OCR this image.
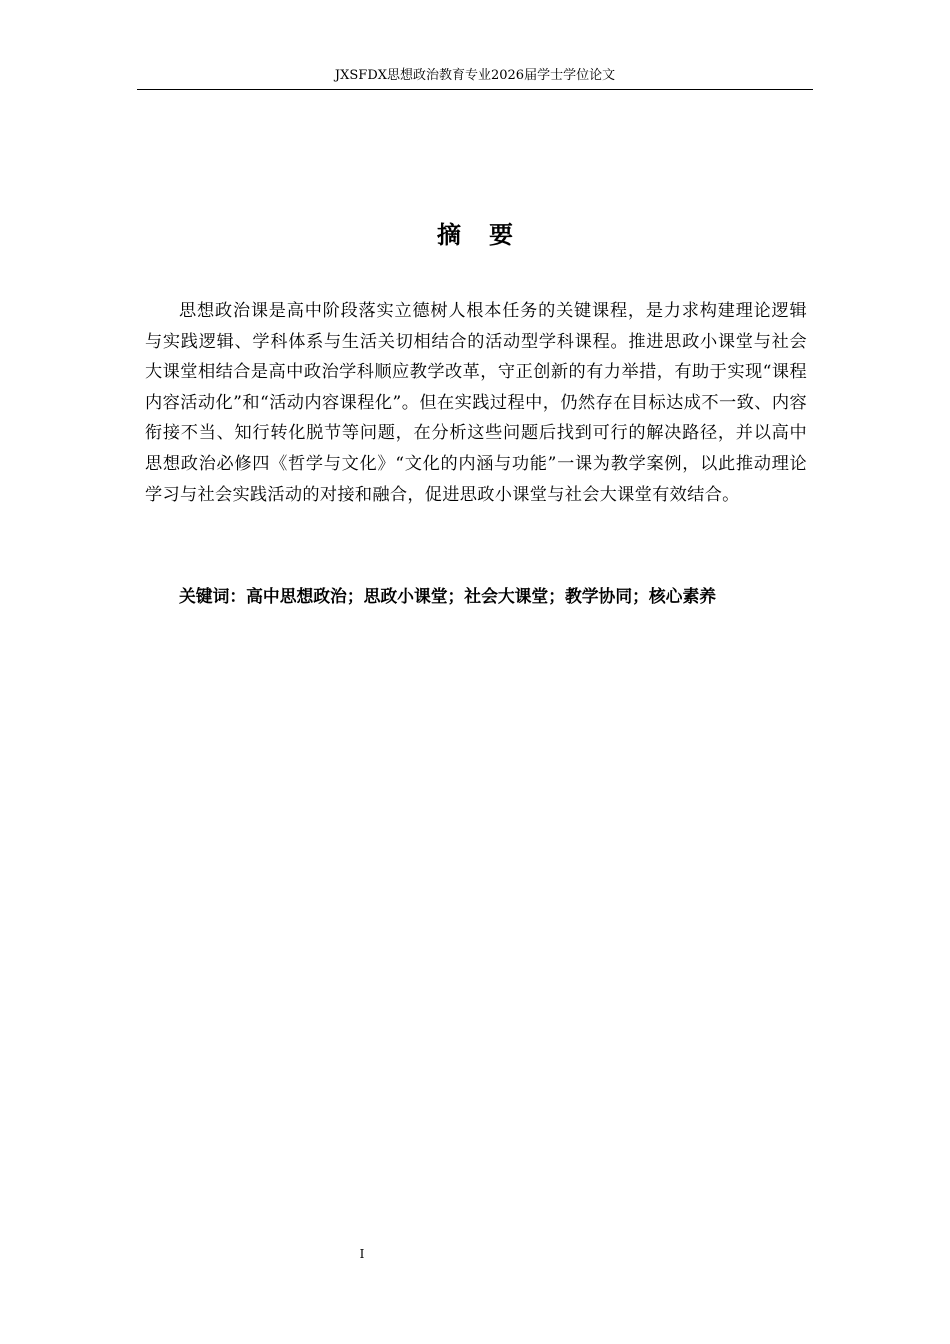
JXSFDX思想政治教育专业2026届学士学位论文
摘要

思想政治课是高中阶段落实立德树人根本任务的关键课程，是力求构建理论逻辑与实践逻辑、学科体系与生活关切相结合的活动型学科课程。推进思政小课堂与社会大课堂相结合是高中政治学科顺应教学改革，守正创新的有力举措，有助于实现“课程内容活动化”和“活动内容课程化”。但在实践过程中，仍然存在目标达成不一致、内容衔接不当、知行转化脱节等问题，在分析这些问题后找到可行的解决路径，并以高中思想政治必修四《哲学与文化》“文化的内涵与功能”一课为教学案例，以此推动理论学习与社会实践活动的对接和融合，促进思政小课堂与社会大课堂有效结合。

关键词：高中思想政治；思政小课堂；社会大课堂；教学协同；核心素养
I
